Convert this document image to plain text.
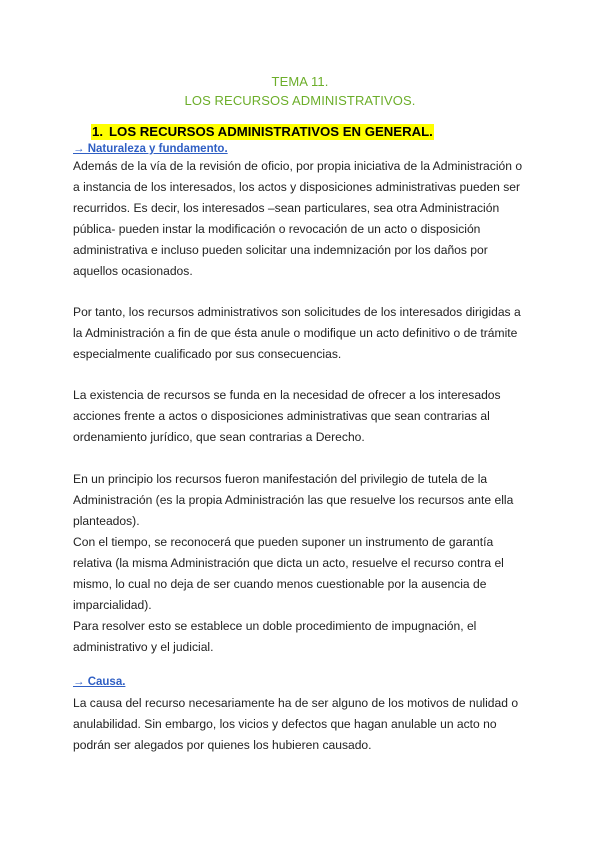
TEMA 11.
LOS RECURSOS ADMINISTRATIVOS.
1. LOS RECURSOS ADMINISTRATIVOS EN GENERAL.
→ Naturaleza y fundamento.

Además de la vía de la revisión de oficio, por propia iniciativa de la Administración o
a instancia de los interesados, los actos y disposiciones administrativas pueden ser
recurridos. Es decir, los interesados –sean particulares, sea otra Administración
pública- pueden instar la modificación o revocación de un acto o disposición
administrativa e incluso pueden solicitar una indemnización por los daños por
aquellos ocasionados.

Por tanto, los recursos administrativos son solicitudes de los interesados dirigidas a
la Administración a fin de que ésta anule o modifique un acto definitivo o de trámite
especialmente cualificado por sus consecuencias.

La existencia de recursos se funda en la necesidad de ofrecer a los interesados
acciones frente a actos o disposiciones administrativas que sean contrarias al
ordenamiento jurídico, que sean contrarias a Derecho.

En un principio los recursos fueron manifestación del privilegio de tutela de la
Administración (es la propia Administración las que resuelve los recursos ante ella
planteados).
Con el tiempo, se reconocerá que pueden suponer un instrumento de garantía
relativa (la misma Administración que dicta un acto, resuelve el recurso contra el
mismo, lo cual no deja de ser cuando menos cuestionable por la ausencia de
imparcialidad).
Para resolver esto se establece un doble procedimiento de impugnación, el
administrativo y el judicial.

→ Causa.

La causa del recurso necesariamente ha de ser alguno de los motivos de nulidad o
anulabilidad. Sin embargo, los vicios y defectos que hagan anulable un acto no
podrán ser alegados por quienes los hubieren causado.
